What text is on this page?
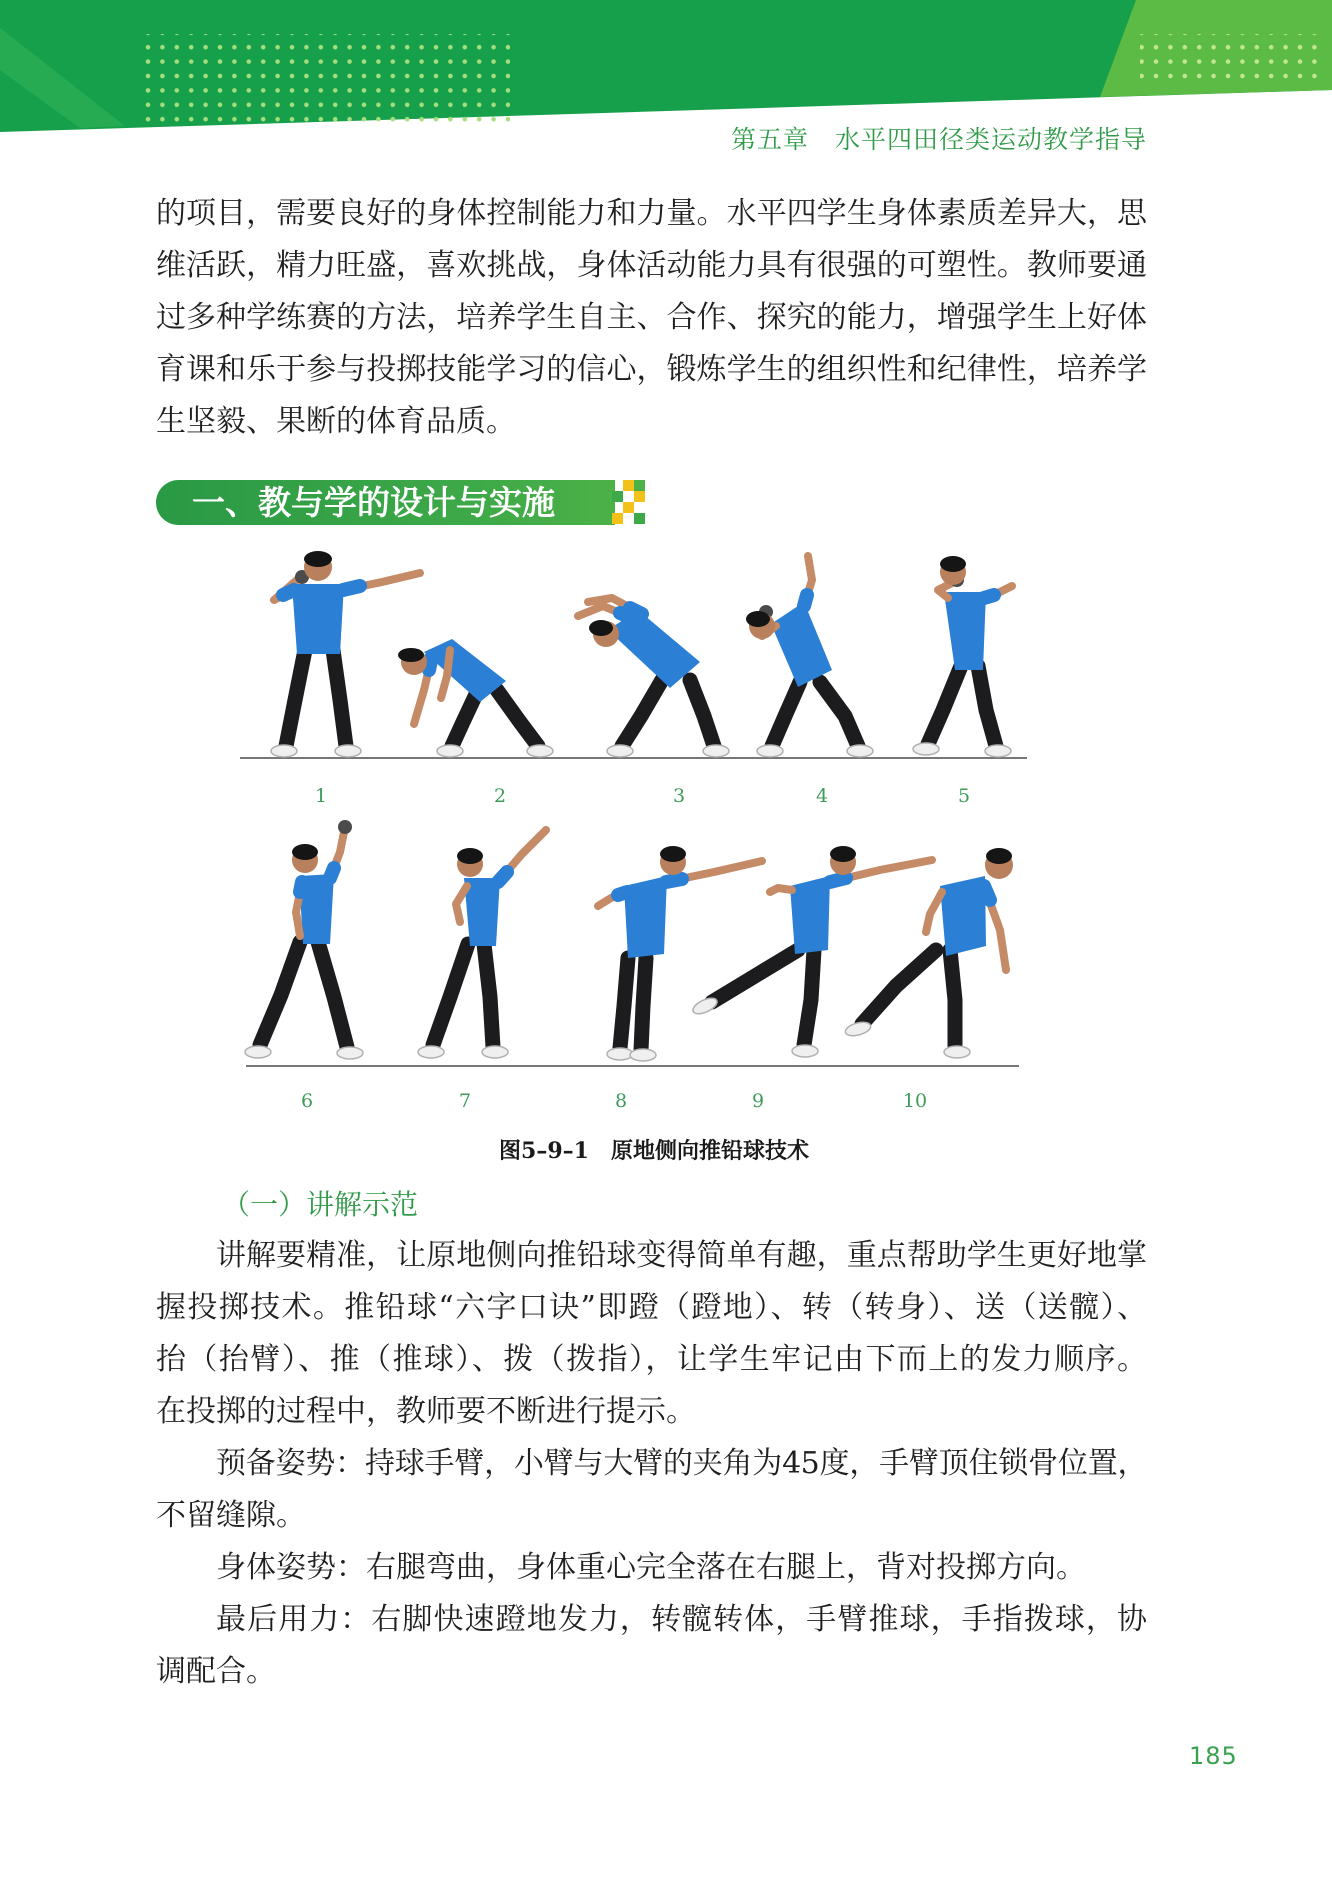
第五章　水平四田径类运动教学指导
的项目，需要良好的身体控制能力和力量。水平四学生身体素质差异大，思
维活跃，精力旺盛，喜欢挑战，身体活动能力具有很强的可塑性。教师要通
过多种学练赛的方法，培养学生自主、合作、探究的能力，增强学生上好体
育课和乐于参与投掷技能学习的信心，锻炼学生的组织性和纪律性，培养学
生坚毅、果断的体育品质。
一、教与学的设计与实施
1	2	3	4	5
6	7	8	9	10
图5–9–1　原地侧向推铅球技术
（一）讲解示范
讲解要精准，让原地侧向推铅球变得简单有趣，重点帮助学生更好地掌
握投掷技术。推铅球“六字口诀”即蹬（蹬地）、转（转身）、送（送髋）、
抬（抬臂）、推（推球）、拨（拨指），让学生牢记由下而上的发力顺序。
在投掷的过程中，教师要不断进行提示。
预备姿势：持球手臂，小臂与大臂的夹角为45度，手臂顶住锁骨位置，
不留缝隙。
身体姿势：右腿弯曲，身体重心完全落在右腿上，背对投掷方向。
最后用力：右脚快速蹬地发力，转髋转体，手臂推球，手指拨球，协
调配合。
185
